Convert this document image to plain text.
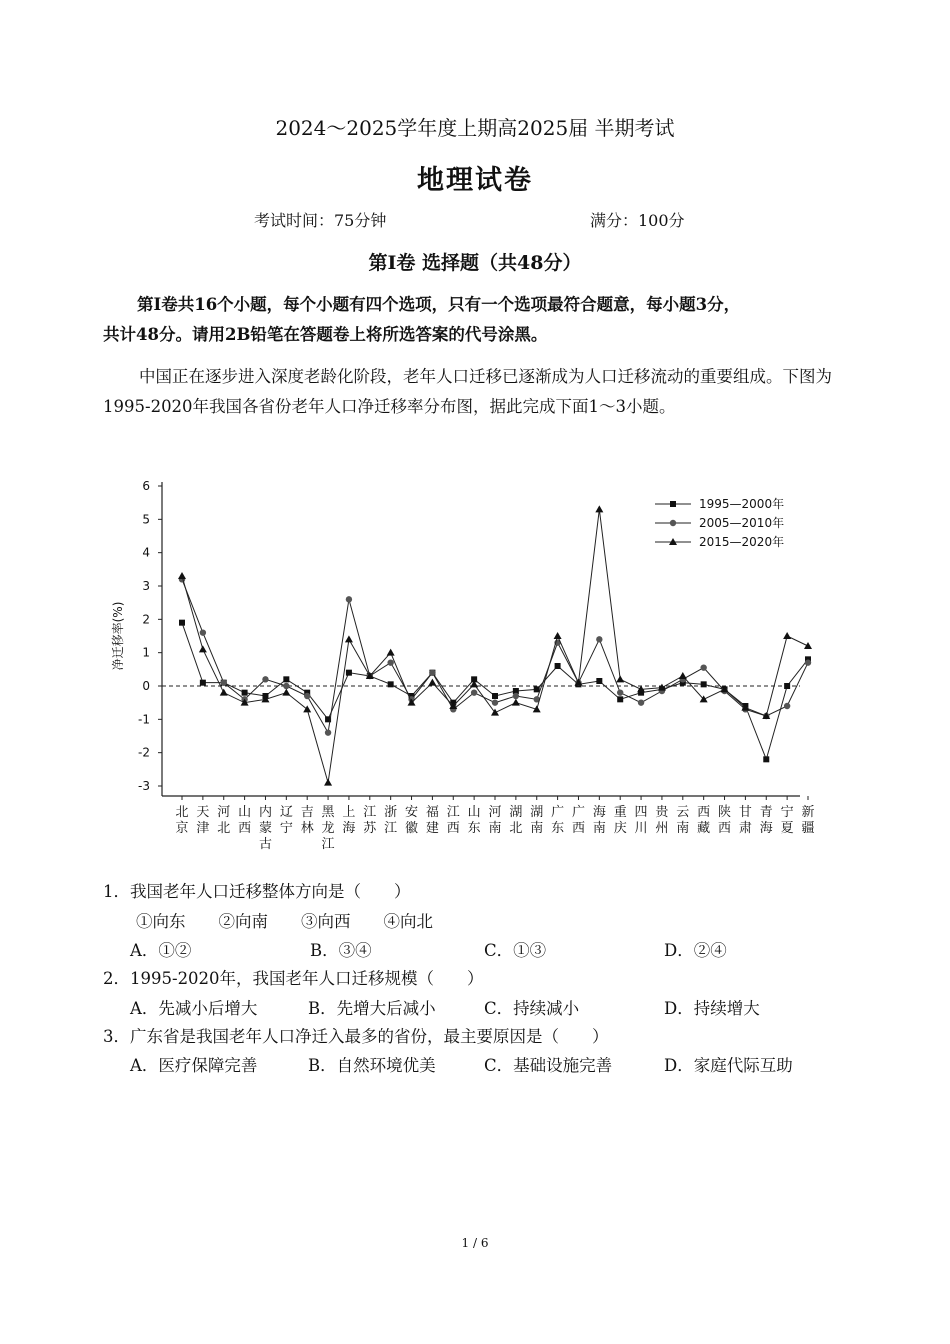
2024～2025学年度上期高2025届 半期考试
地理试卷
考试时间：75分钟	满分：100分
第Ⅰ卷 选择题（共48分）
第Ⅰ卷共16个小题，每个小题有四个选项，只有一个选项最符合题意，每小题3分，
共计48分。请用2B铅笔在答题卷上将所选答案的代号涂黑。
中国正在逐步进入深度老龄化阶段，老年人口迁移已逐渐成为人口迁移流动的重要组成。下图为1995-2020年我国各省份老年人口净迁移率分布图，据此完成下面1～3小题。
6
5
4
3
2
1
0
-1
-2
-3
净迁移率(%)
北京
天津
河北
山西
内蒙古
辽宁
吉林
黑龙江
上海
江苏
浙江
安徽
福建
江西
山东
河南
湖北
湖南
广东
广西
海南
重庆
四川
贵州
云南
西藏
陕西
甘肃
青海
宁夏
新疆
1995—2000年
2005—2010年
2015—2020年
1．我国老年人口迁移整体方向是（　　）
①向东　　②向南　　③向西　　④向北
A．①②	B．③④	C．①③	D．②④
2．1995-2020年，我国老年人口迁移规模（　　）
A．先减小后增大	B．先增大后减小	C．持续减小	D．持续增大
3．广东省是我国老年人口净迁入最多的省份，最主要原因是（　　）
A．医疗保障完善	B．自然环境优美	C．基础设施完善	D．家庭代际互助
1 / 6
